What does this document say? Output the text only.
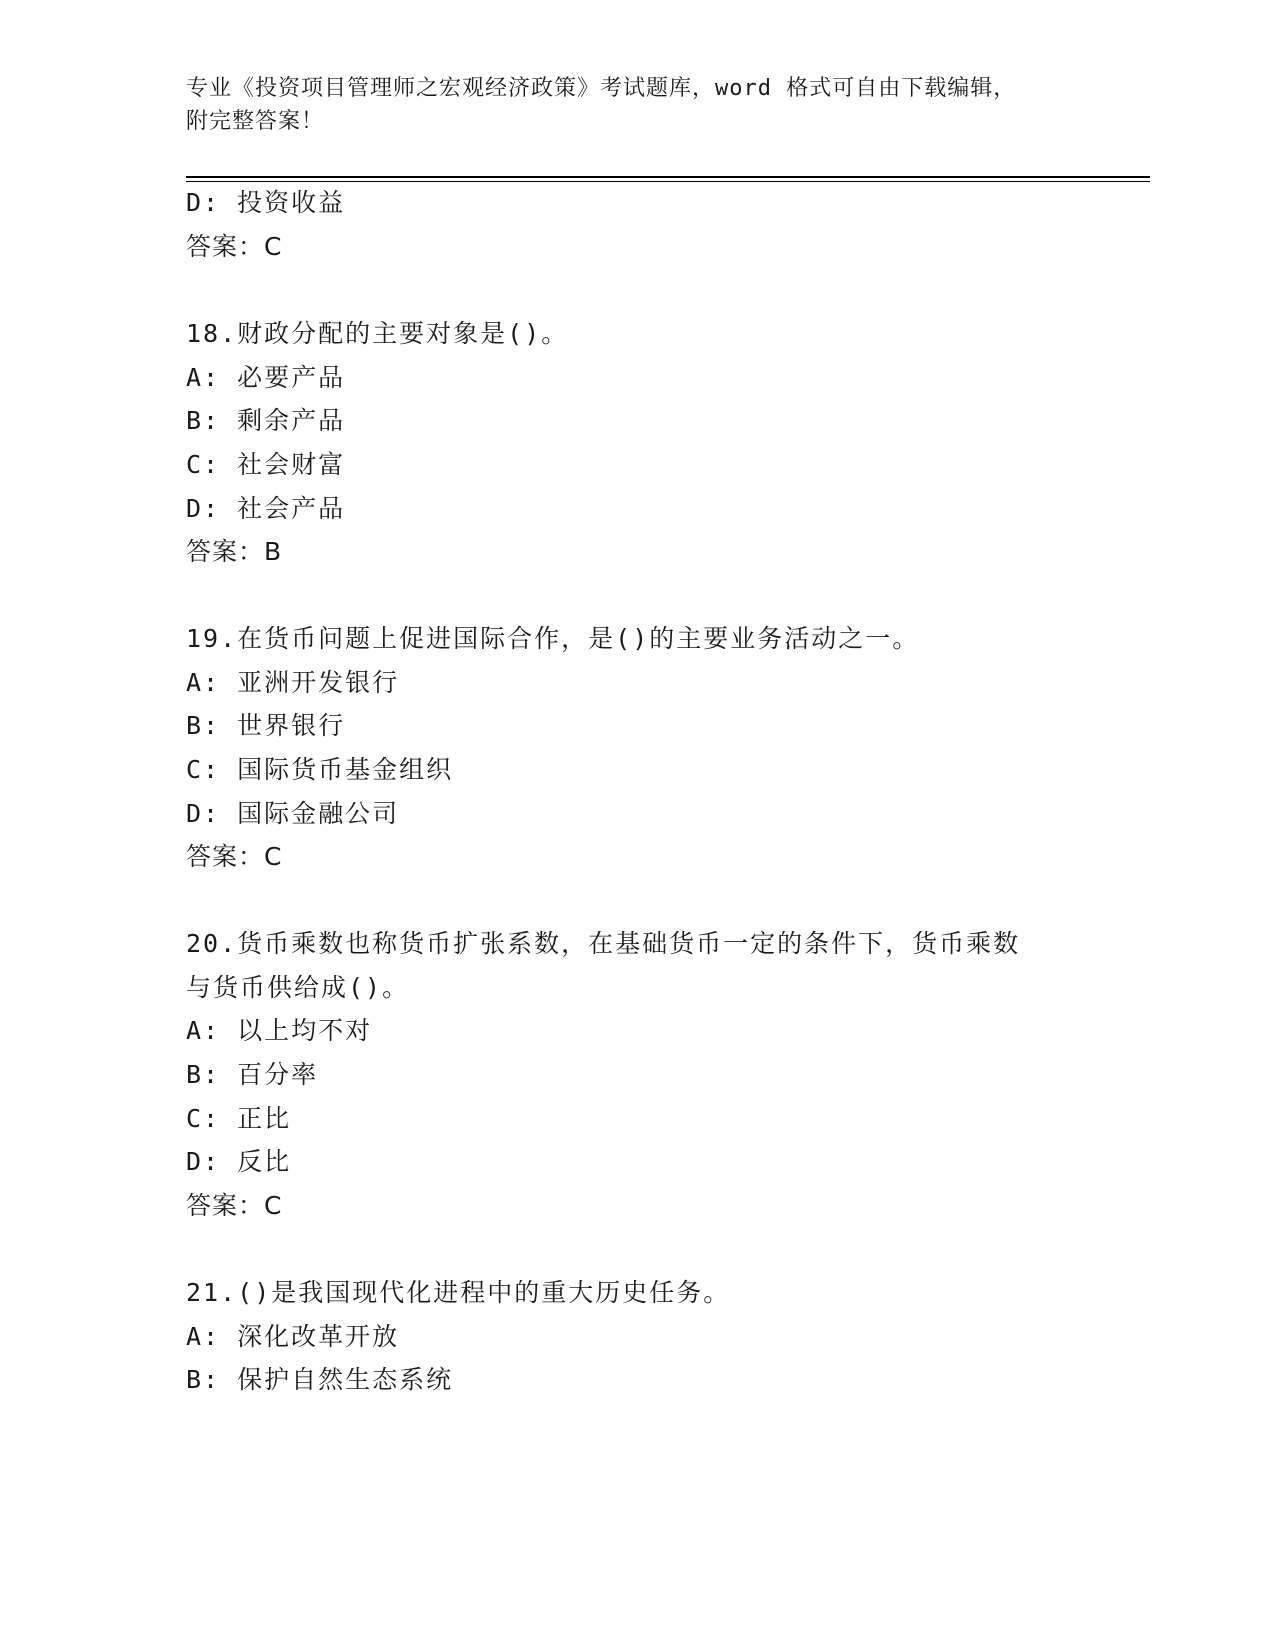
专业《投资项目管理师之宏观经济政策》考试题库，word 格式可自由下载编辑，
附完整答案！
D: 投资收益
答案：C
18.财政分配的主要对象是()。
A: 必要产品
B: 剩余产品
C: 社会财富
D: 社会产品
答案：B
19.在货币问题上促进国际合作，是()的主要业务活动之一。
A: 亚洲开发银行
B: 世界银行
C: 国际货币基金组织
D: 国际金融公司
答案：C
20.货币乘数也称货币扩张系数，在基础货币一定的条件下，货币乘数
与货币供给成()。
A: 以上均不对
B: 百分率
C: 正比
D: 反比
答案：C
21.()是我国现代化进程中的重大历史任务。
A: 深化改革开放
B: 保护自然生态系统
